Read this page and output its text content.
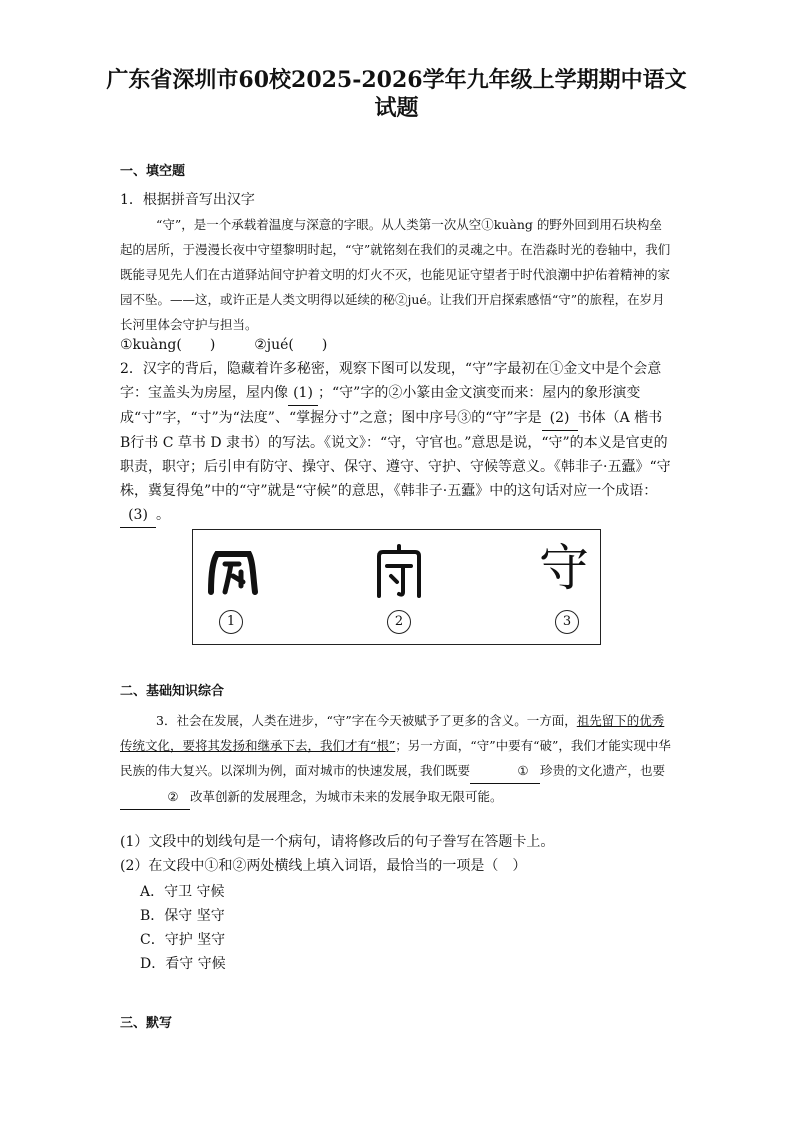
广东省深圳市60校2025-2026学年九年级上学期期中语文
试题
一、填空题
1．根据拼音写出汉字
“守”，是一个承载着温度与深意的字眼。从人类第一次从空①kuàng 的野外回到用石块构垒起的居所，于漫漫长夜中守望黎明时起，“守”就铭刻在我们的灵魂之中。在浩淼时光的卷轴中，我们既能寻见先人们在古道驿站间守护着文明的灯火不灭，也能见证守望者于时代浪潮中护佑着精神的家园不坠。——这，或许正是人类文明得以延续的秘②jué。让我们开启探索感悟“守”的旅程，在岁月长河里体会守护与担当。
①kuàng(　　)	②jué(　　)
2．汉字的背后，隐藏着许多秘密，观察下图可以发现，“守”字最初在①金文中是个会意字：宝盖头为房屋，屋内像 (1) ；“守”字的②小篆由金文演变而来：屋内的象形演变成“寸”字，“寸”为“法度”、“掌握分寸”之意；图中序号③的“守”字是 (2) 书体（A 楷书 B行书 C 草书 D 隶书）的写法。《说文》：“守，守官也。”意思是说，“守”的本义是官吏的职责，职守；后引申有防守、操守、保守、遵守、守护、守候等意义。《韩非子·五蠹》“守株，冀复得兔”中的“守”就是“守候”的意思，《韩非子·五蠹》中的这句话对应一个成语：(3) 。
守
1	2	3
二、基础知识综合
3．社会在发展，人类在进步，“守”字在今天被赋予了更多的含义。一方面，祖先留下的优秀传统文化，要将其发扬和继承下去，我们才有“根”；另一方面，“守”中要有“破”，我们才能实现中华民族的伟大复兴。以深圳为例，面对城市的快速发展，我们既要	① 珍贵的文化遗产，也要② 改革创新的发展理念，为城市未来的发展争取无限可能。
(1）文段中的划线句是一个病句，请将修改后的句子誊写在答题卡上。
(2）在文段中①和②两处横线上填入词语，最恰当的一项是（　）
A．守卫 守候
B．保守 坚守
C．守护 坚守
D．看守 守候
三、默写
